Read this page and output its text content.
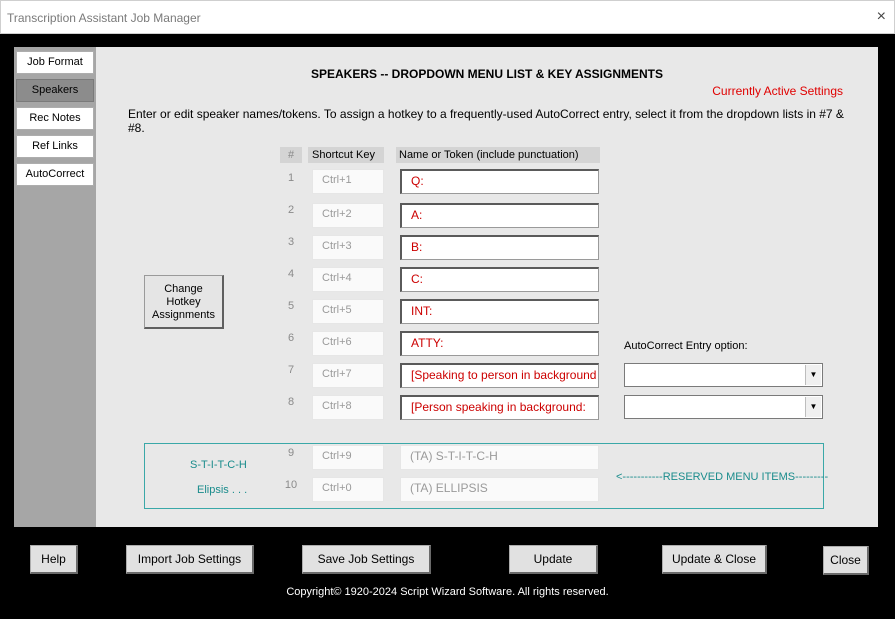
Transcription Assistant Job Manager	×
Job Format
Speakers
Rec Notes
Ref Links
AutoCorrect
SPEAKERS -- DROPDOWN MENU LIST & KEY ASSIGNMENTS
Currently Active Settings
Enter or edit speaker names/tokens. To assign a hotkey to a frequently-used AutoCorrect entry, select it from the dropdown lists in #7 & #8.
#	Shortcut Key	Name or Token (include punctuation)
1	Ctrl+1	Q:
2	Ctrl+2	A:
3	Ctrl+3	B:
4	Ctrl+4	C:
5	Ctrl+5	INT:
6	Ctrl+6	ATTY:
7	Ctrl+7	[Speaking to person in background
8	Ctrl+8	[Person speaking in background:
Change
Hotkey
Assignments
AutoCorrect Entry option:
▼
▼
S-T-I-T-C-H
Elipsis . . .
9	Ctrl+9	(TA) S-T-I-T-C-H
10	Ctrl+0	(TA) ELLIPSIS
<-----------RESERVED MENU ITEMS---------
Help	Import Job Settings	Save Job Settings	Update	Update & Close	Close
Copyright© 1920-2024 Script Wizard Software. All rights reserved.
